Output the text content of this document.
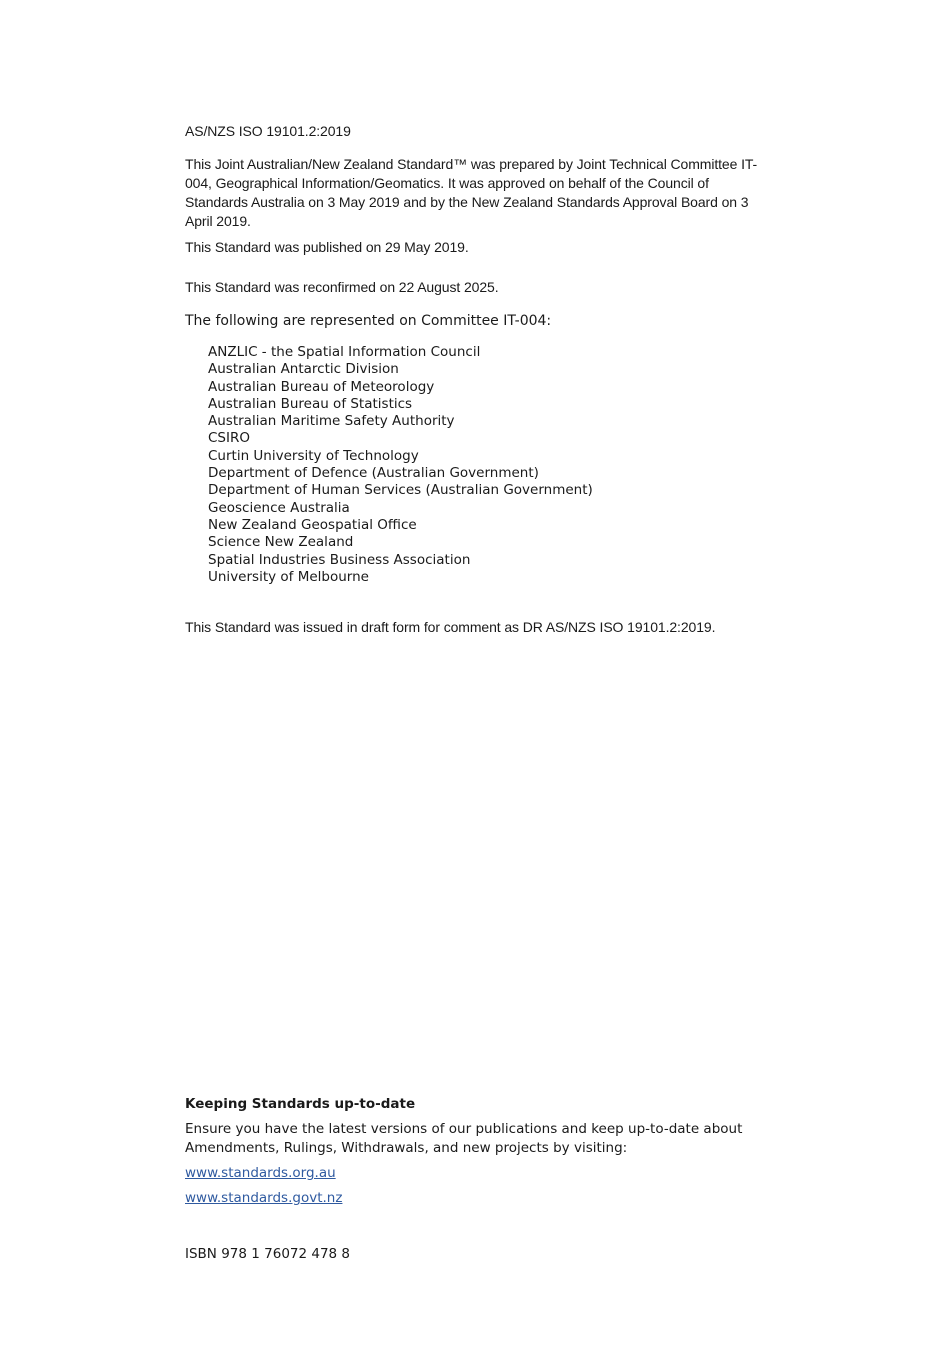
AS/NZS ISO 19101.2:2019
This Joint Australian/New Zealand Standard™ was prepared by Joint Technical Committee IT-004, Geographical Information/Geomatics. It was approved on behalf of the Council of Standards Australia on 3 May 2019 and by the New Zealand Standards Approval Board on 3 April 2019.
This Standard was published on 29 May 2019.
This Standard was reconfirmed on 22 August 2025.
The following are represented on Committee IT-004:
ANZLIC - the Spatial Information Council
Australian Antarctic Division
Australian Bureau of Meteorology
Australian Bureau of Statistics
Australian Maritime Safety Authority
CSIRO
Curtin University of Technology
Department of Defence (Australian Government)
Department of Human Services (Australian Government)
Geoscience Australia
New Zealand Geospatial Office
Science New Zealand
Spatial Industries Business Association
University of Melbourne
This Standard was issued in draft form for comment as DR AS/NZS ISO 19101.2:2019.
Keeping Standards up-to-date
Ensure you have the latest versions of our publications and keep up-to-date about Amendments, Rulings, Withdrawals, and new projects by visiting:
www.standards.org.au
www.standards.govt.nz
ISBN 978 1 76072 478 8
